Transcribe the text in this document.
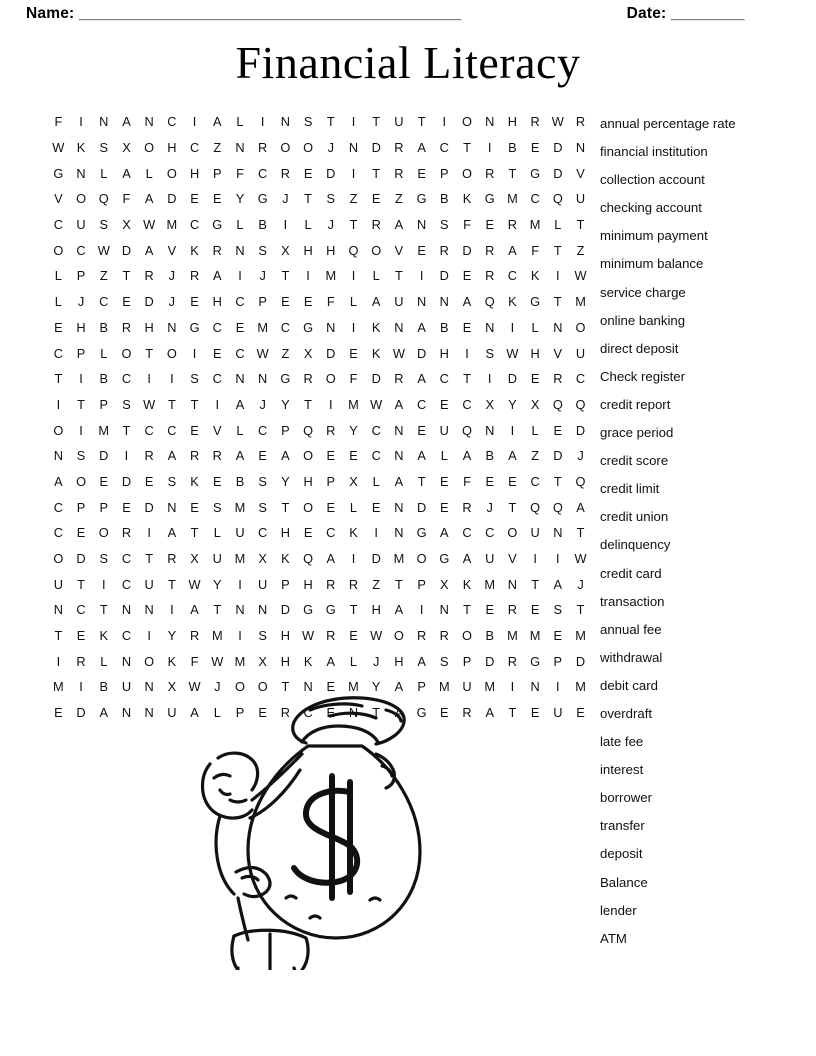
Name: _______________________________________________	Date: _________
Financial Literacy
F	I	N	A	N	C	I	A	L	I	N	S	T	I	T	U	T	I	O	N	H	R W R
W K	S	X	O	H	C	Z	N	R	O O	J	N	D	R	A	C	T	I	B	E	D	N
G	N	L	A	L	O	H	P	F	C	R	E	D	I	T	R	E	P	O	R	T	G	D	V
V	O Q	F	A	D	E	E	Y	G	J	T	S	Z	E	Z	G	B	K	G M C	Q	U
C	U	S	X W M C	G	L	B	I	L	J	T	R	A	N	S	F	E	R M	L	T
O	C W D	A	V	K	R	N	S	X	H	H	Q O	V	E	R	D	R	A	F	T	Z
L	P	Z	T	R	J	R	A	I	J	T	I	M	I	L	T	I	D	E	R	C	K	I	W
L	J	C	E	D	J	E	H	C	P	E	E	F	L	A	U	N	N	A	Q	K	G	T	M
E	H	B	R	H	N	G	C	E	M C	G	N	I	K	N	A	B	E	N	I	L	N	O
C	P	L	O	T	O	I	E	C W Z	X	D	E	K W D	H	I	S W H	V	U
T	I	B	C	I	I	S	C	N	N	G	R	O	F	D	R	A	C	T	I	D	E	R	C
I	T	P	S W T	T	I	A	J	Y	T	I	M W A	C	E	C	X	Y	X	Q Q
O	I	M	T	C	C	E	V	L	C	P	Q	R	Y	C	N	E	U	Q	N	I	L	E	D
N	S	D	I	R	A	R	R	A	E	A	O	E	E	C	N	A	L	A	B	A	Z	D	J
A	O	E	D	E	S	K	E	B	S	Y	H	P	X	L	A	T	E	F	E	E	C	T	Q
C	P	P	E	D	N	E	S	M	S	T	O	E	L	E	N	D	E	R	J	T	Q Q	A
C	E	O	R	I	A	T	L	U	C	H	E	C	K	I	N	G	A	C	C	O	U	N	T
O	D	S	C	T	R	X	U M	X	K	Q	A	I	D M O G	A	U	V	I	I	W
U	T	I	C	U	T W Y	I	U	P	H	R	R	Z	T	P	X	K	M N	T	A	J
N	C	T	N	N	I	A	T	N	N	D	G G	T	H	A	I	N	T	E	R	E	S	T
T	E	K	C	I	Y	R M	I	S	H W R	E W O	R	R	O	B	M M	E	M
I	R	L	N	O	K	F W M	X	H	K	A	L	J	H	A	S	P	D	R	G	P	D
M	I	B	U	N	X W	J	O O	T	N	E	M	Y	A	P	M U M	I	N	I	M
E	D	A	N	N	U	A	L	P	E	R	C	E	N	T	A	G	E	R	A	T	E	U	E
annual percentage rate
financial institution
collection account
checking account
minimum payment
minimum balance
service charge
online banking
direct deposit
Check register
credit report
grace period
credit score
credit limit
credit union
delinquency
credit card
transaction
annual fee
withdrawal
debit card
overdraft
late fee
interest
borrower
transfer
deposit
Balance
lender
ATM
